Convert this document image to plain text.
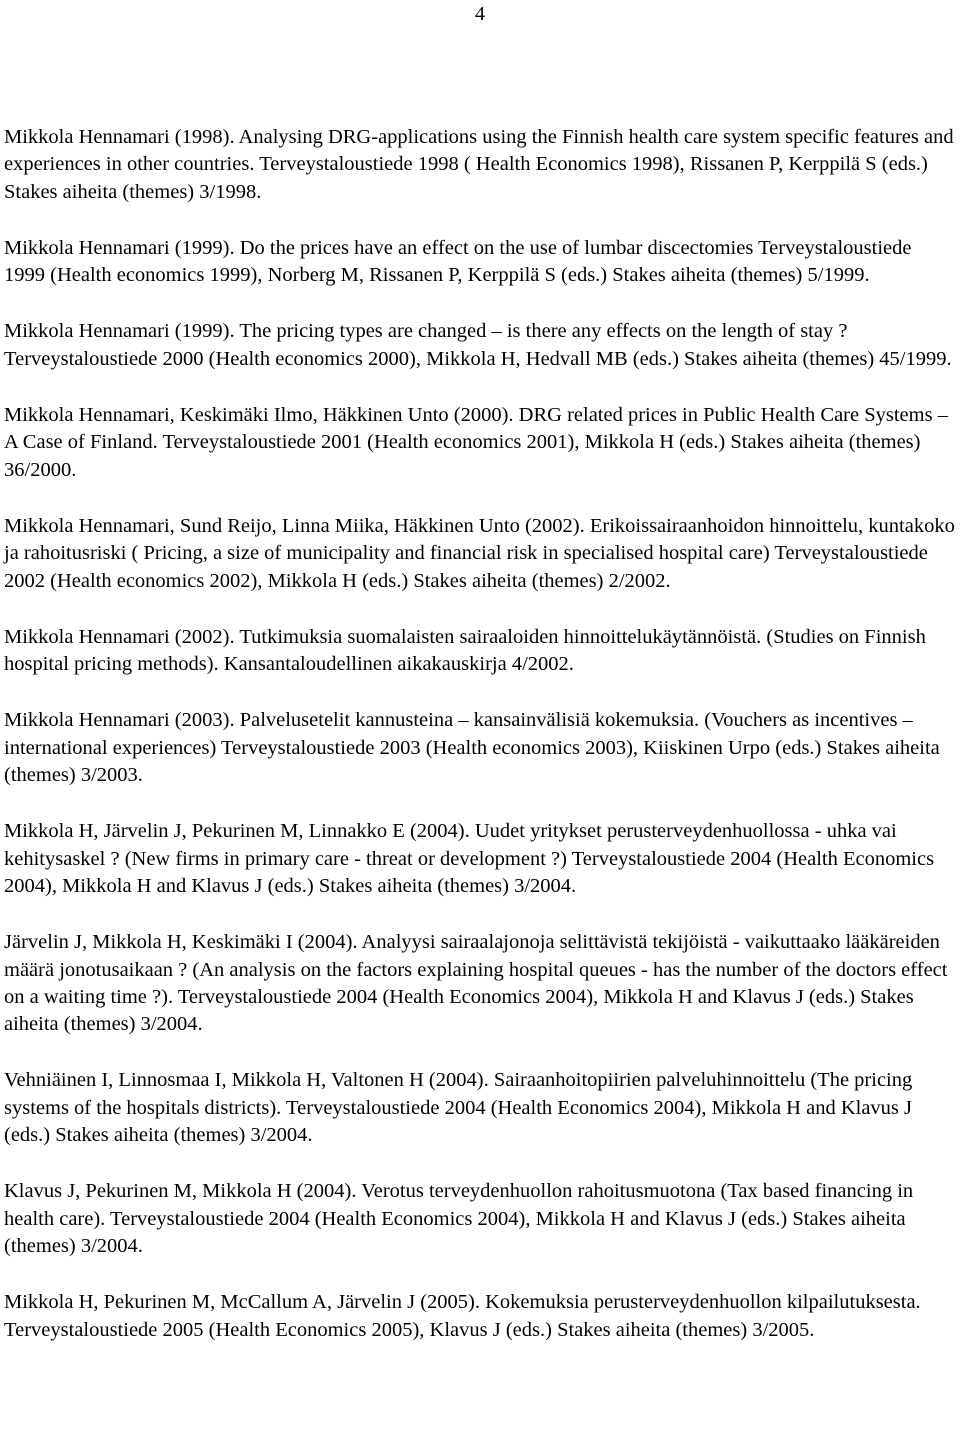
4

Mikkola Hennamari (1998). Analysing DRG-applications using the Finnish health care system specific features and experiences in other countries. Terveystaloustiede 1998 ( Health Economics 1998), Rissanen P, Kerppilä S (eds.) Stakes aiheita (themes) 3/1998.

Mikkola Hennamari (1999). Do the prices have an effect on the use of lumbar discectomies Terveystaloustiede 1999 (Health economics 1999), Norberg M, Rissanen P, Kerppilä S (eds.) Stakes aiheita (themes) 5/1999.

Mikkola Hennamari (1999). The pricing types are changed – is there any effects on the length of stay ? Terveystaloustiede 2000 (Health economics 2000), Mikkola H, Hedvall MB (eds.) Stakes aiheita (themes) 45/1999.

Mikkola Hennamari, Keskimäki Ilmo, Häkkinen Unto (2000). DRG related prices in Public Health Care Systems – A Case of Finland. Terveystaloustiede 2001 (Health economics 2001), Mikkola H (eds.) Stakes aiheita (themes) 36/2000.

Mikkola Hennamari, Sund Reijo, Linna Miika, Häkkinen Unto (2002). Erikoissairaanhoidon hinnoittelu, kuntakoko ja rahoitusriski ( Pricing, a size of municipality and financial risk in specialised hospital care) Terveystaloustiede 2002 (Health economics 2002), Mikkola H (eds.) Stakes aiheita (themes) 2/2002.

Mikkola Hennamari (2002). Tutkimuksia suomalaisten sairaaloiden hinnoittelukäytännöistä. (Studies on Finnish hospital pricing methods). Kansantaloudellinen aikakauskirja 4/2002.

Mikkola Hennamari (2003). Palvelusetelit kannusteina – kansainvälisiä kokemuksia. (Vouchers as incentives – international experiences) Terveystaloustiede 2003 (Health economics 2003), Kiiskinen Urpo (eds.) Stakes aiheita (themes) 3/2003.

Mikkola H, Järvelin J, Pekurinen M, Linnakko E (2004). Uudet yritykset perusterveydenhuollossa - uhka vai kehitysaskel ? (New firms in primary care - threat or development ?) Terveystaloustiede 2004 (Health Economics 2004), Mikkola H and Klavus J (eds.) Stakes aiheita (themes) 3/2004.

Järvelin J, Mikkola H, Keskimäki I (2004). Analyysi sairaalajonoja selittävistä tekijöistä - vaikuttaako lääkäreiden määrä jonotusaikaan ? (An analysis on the factors explaining hospital queues - has the number of the doctors effect on a waiting time ?). Terveystaloustiede 2004 (Health Economics 2004), Mikkola H and Klavus J (eds.) Stakes aiheita (themes) 3/2004.

Vehniäinen I, Linnosmaa I, Mikkola H, Valtonen H (2004). Sairaanhoitopiirien palveluhinnoittelu (The pricing systems of the hospitals districts). Terveystaloustiede 2004 (Health Economics 2004), Mikkola H and Klavus J (eds.) Stakes aiheita (themes) 3/2004.

Klavus J, Pekurinen M, Mikkola H (2004). Verotus terveydenhuollon rahoitusmuotona (Tax based financing in health care). Terveystaloustiede 2004 (Health Economics 2004), Mikkola H and Klavus J (eds.) Stakes aiheita (themes) 3/2004.

Mikkola H, Pekurinen M, McCallum A, Järvelin J (2005). Kokemuksia perusterveydenhuollon kilpailutuksesta. Terveystaloustiede 2005 (Health Economics 2005), Klavus J (eds.) Stakes aiheita (themes) 3/2005.
